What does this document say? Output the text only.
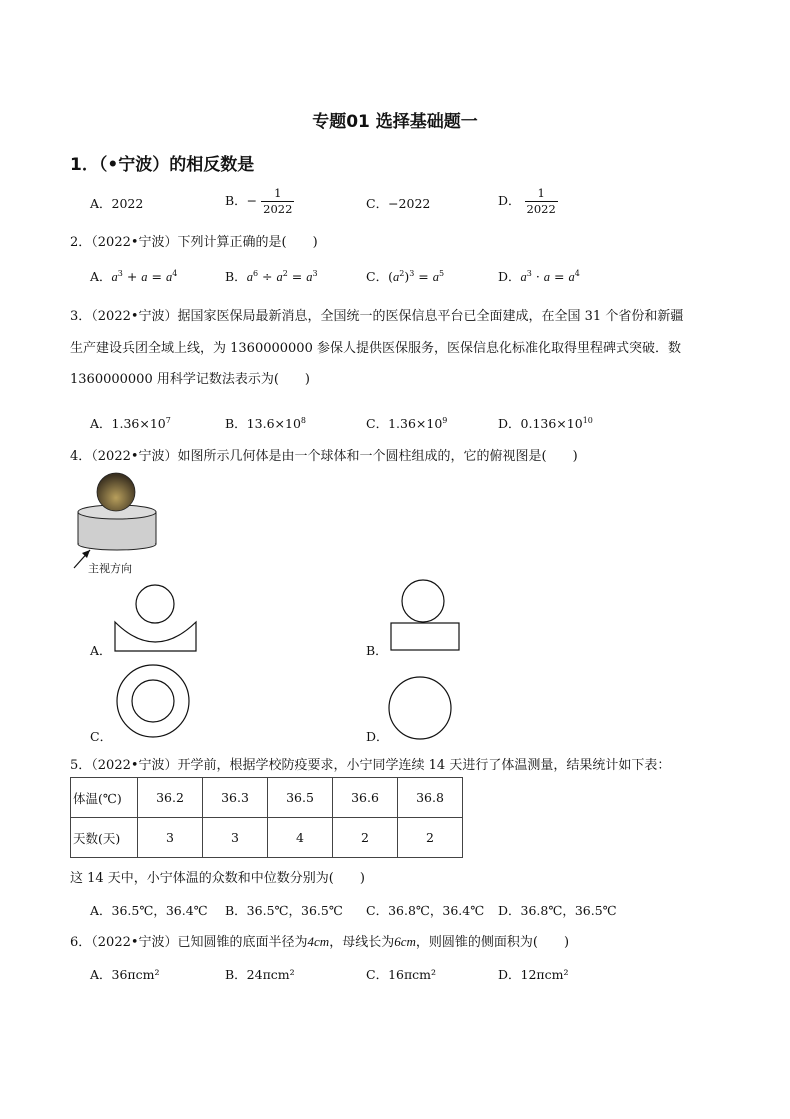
专题01 选择基础题一
1．（•宁波）的相反数是
A．2022	B．− $\frac{1}{2022}$	C．−2022	D． $\frac{1}{2022}$
2．（2022•宁波）下列计算正确的是(　　)
A．$a^3 + a = a^4$	B．$a^6 \div a^2 = a^3$	C．$(a^2)^3 = a^5$	D．$a^3 \cdot a = a^4$
3．（2022•宁波）据国家医保局最新消息，全国统一的医保信息平台已全面建成，在全国 31 个省份和新疆
生产建设兵团全域上线，为 1360000000 参保人提供医保服务，医保信息化标准化取得里程碑式突破．数
1360000000 用科学记数法表示为(　　)
A．$1.36\times 10^7$	B．$13.6\times 10^8$	C．$1.36\times 10^9$	D．$0.136\times 10^{10}$
4．（2022•宁波）如图所示几何体是由一个球体和一个圆柱组成的，它的俯视图是(　　)
主视方向
A．	B．
C．	D．
5．（2022•宁波）开学前，根据学校防疫要求，小宁同学连续 14 天进行了体温测量，结果统计如下表：
体温(℃)	36.2	36.3	36.5	36.6	36.8
天数(天)	3	3	4	2	2
这 14 天中，小宁体温的众数和中位数分别为(　　)
A．36.5℃，36.4℃ B．36.5℃，36.5℃ C．36.8℃，36.4℃ D．36.8℃，36.5℃
6．（2022•宁波）已知圆锥的底面半径为4cm，母线长为6cm，则圆锥的侧面积为(　　)
A．36πcm²	B．24πcm²	C．16πcm²	D．12πcm²
